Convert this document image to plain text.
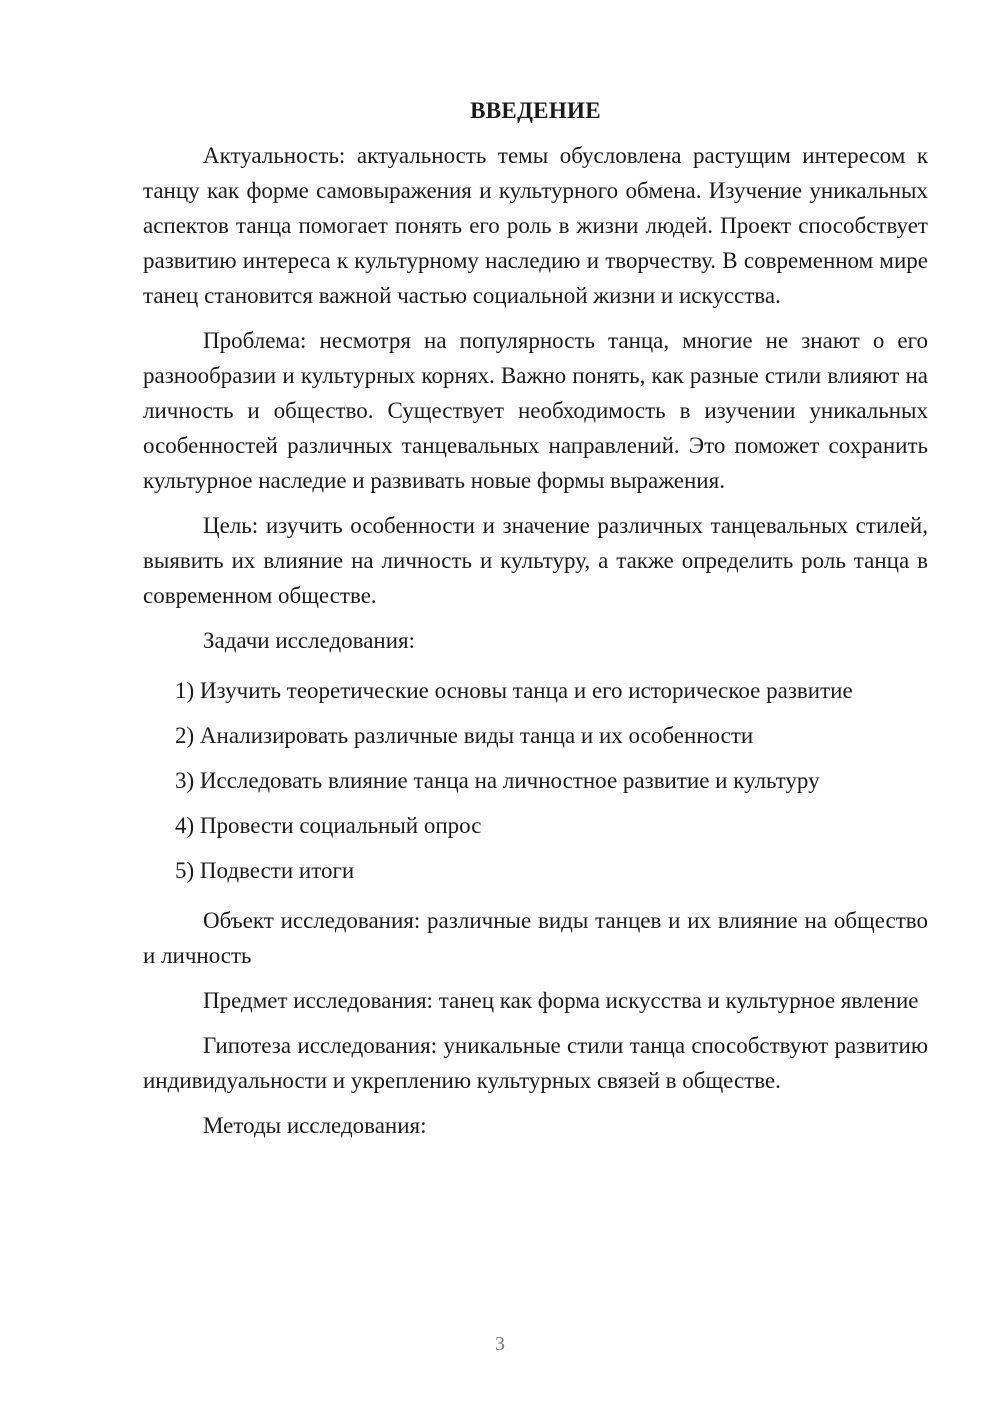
ВВЕДЕНИЕ

Актуальность: актуальность темы обусловлена растущим интересом к танцу как форме самовыражения и культурного обмена. Изучение уникальных аспектов танца помогает понять его роль в жизни людей. Проект способствует развитию интереса к культурному наследию и творчеству. В современном мире танец становится важной частью социальной жизни и искусства.

Проблема: несмотря на популярность танца, многие не знают о его разнообразии и культурных корнях. Важно понять, как разные стили влияют на личность и общество. Существует необходимость в изучении уникальных особенностей различных танцевальных направлений. Это поможет сохранить культурное наследие и развивать новые формы выражения.

Цель: изучить особенности и значение различных танцевальных стилей, выявить их влияние на личность и культуру, а также определить роль танца в современном обществе.

Задачи исследования:

1) Изучить теоретические основы танца и его историческое развитие
2) Анализировать различные виды танца и их особенности
3) Исследовать влияние танца на личностное развитие и культуру
4) Провести социальный опрос
5) Подвести итоги

Объект исследования: различные виды танцев и их влияние на общество и личность

Предмет исследования: танец как форма искусства и культурное явление

Гипотеза исследования: уникальные стили танца способствуют развитию индивидуальности и укреплению культурных связей в обществе.

Методы исследования:

3
